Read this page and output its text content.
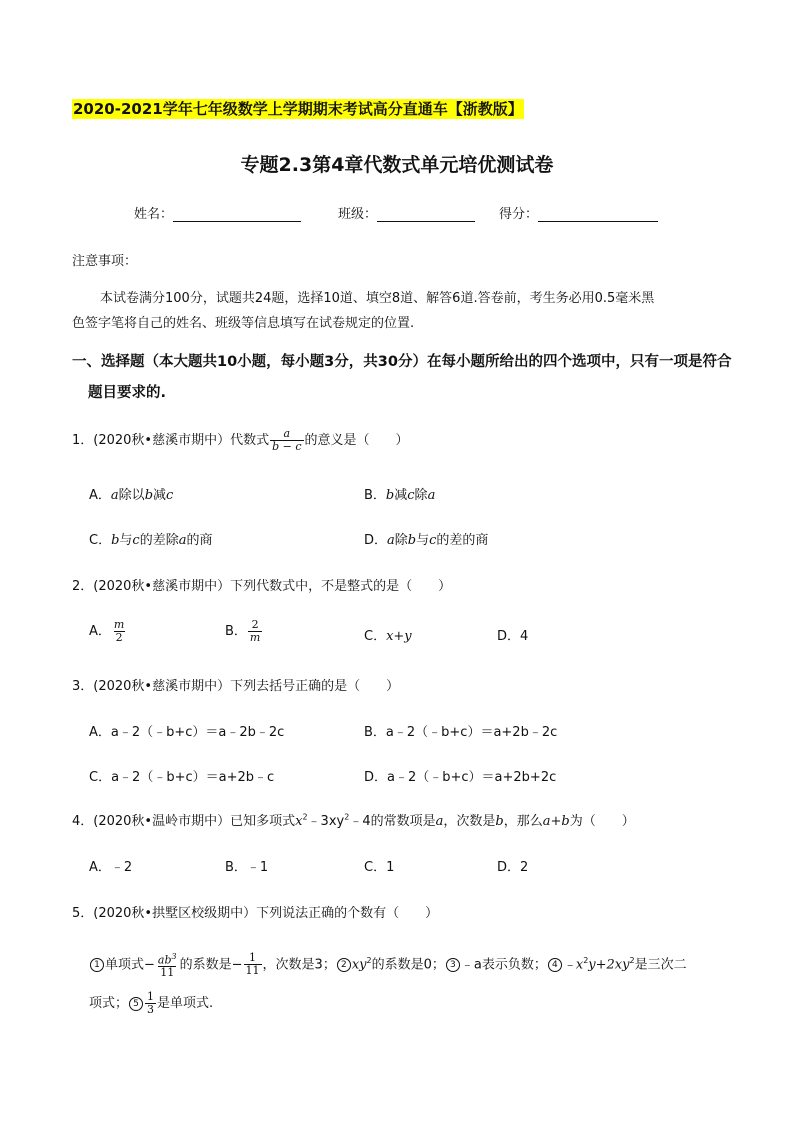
2020-2021学年七年级数学上学期期末考试高分直通车【浙教版】
专题2.3第4章代数式单元培优测试卷
姓名：	班级：	得分：
注意事项：
本试卷满分100分，试题共24题，选择10道、填空8道、解答6道.答卷前，考生务必用0.5毫米黑
色签字笔将自己的姓名、班级等信息填写在试卷规定的位置.
一、选择题（本大题共10小题，每小题3分，共30分）在每小题所给出的四个选项中，只有一项是符合
题目要求的.
1．(2020秋•慈溪市期中）代数式 $\frac{a}{b - c}$ 的意义是（　　）
A．a除以b减c	B．b减c除a
C．b与c的差除a的商	D．a除b与c的差的商
2．(2020秋•慈溪市期中）下列代数式中，不是整式的是（　　）
A． $\frac{m}{2}$	B． $\frac{2}{m}$	C．x+y	D．4
3．(2020秋•慈溪市期中）下列去括号正确的是（　　）
A．a﹣2（﹣b+c）＝a﹣2b﹣2c	B．a﹣2（﹣b+c）＝a+2b﹣2c
C．a﹣2（﹣b+c）＝a+2b﹣c	D．a﹣2（﹣b+c）＝a+2b+2c
4．(2020秋•温岭市期中）已知多项式$x^2﹣3xy^2﹣4$的常数项是a，次数是b，那么a+b为（　　）
A．﹣2	B．﹣1	C．1	D．2
5．(2020秋•拱墅区校级期中）下列说法正确的个数有（　　）
1 单项式− $\frac{ab^3}{11}$ 的系数是− $\frac{1}{11}$ ，次数是3； 2 $xy^2$的系数是0； 3 ﹣a表示负数； 4 $﹣x^2y+2xy^2$是三次二
项式； $5 \frac{1}{3}$ 是单项式.
